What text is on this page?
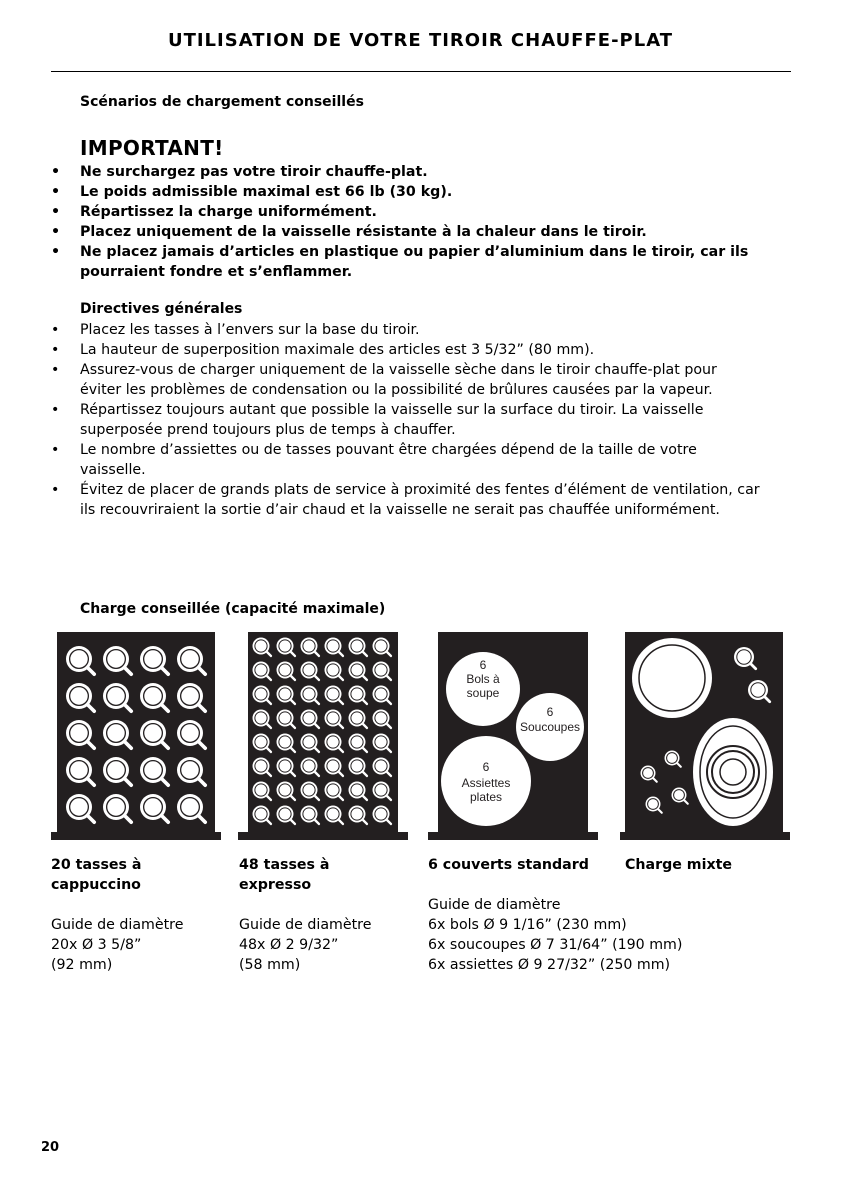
UTILISATION DE VOTRE TIROIR CHAUFFE-PLAT
Scénarios de chargement conseillés
IMPORTANT!
• Ne surchargez pas votre tiroir chauffe-plat.
• Le poids admissible maximal est 66 lb (30 kg).
• Répartissez la charge uniformément.
• Placez uniquement de la vaisselle résistante à la chaleur dans le tiroir.
• Ne placez jamais d’articles en plastique ou papier d’aluminium dans le tiroir, car ils pourraient fondre et s’enflammer.
Directives générales
• Placez les tasses à l’envers sur la base du tiroir.
• La hauteur de superposition maximale des articles est 3 5/32” (80 mm).
• Assurez-vous de charger uniquement de la vaisselle sèche dans le tiroir chauffe-plat pour éviter les problèmes de condensation ou la possibilité de brûlures causées par la vapeur.
• Répartissez toujours autant que possible la vaisselle sur la surface du tiroir. La vaisselle superposée prend toujours plus de temps à chauffer.
• Le nombre d’assiettes ou de tasses pouvant être chargées dépend de la taille de votre vaisselle.
• Évitez de placer de grands plats de service à proximité des fentes d’élément de ventilation, car ils recouvriraient la sortie d’air chaud et la vaisselle ne serait pas chauffée uniformément.
Charge conseillée (capacité maximale)
6
Bols à
soupe
6
Soucoupes
6
Assiettes
plates
20 tasses à
cappuccino
Guide de diamètre
20x Ø 3 5/8”
(92 mm)
48 tasses à
expresso
Guide de diamètre
48x Ø 2 9/32”
(58 mm)
6 couverts standard
Guide de diamètre
6x bols Ø 9 1/16” (230 mm)
6x soucoupes Ø 7 31/64” (190 mm)
6x assiettes Ø 9 27/32” (250 mm)
Charge mixte
20
